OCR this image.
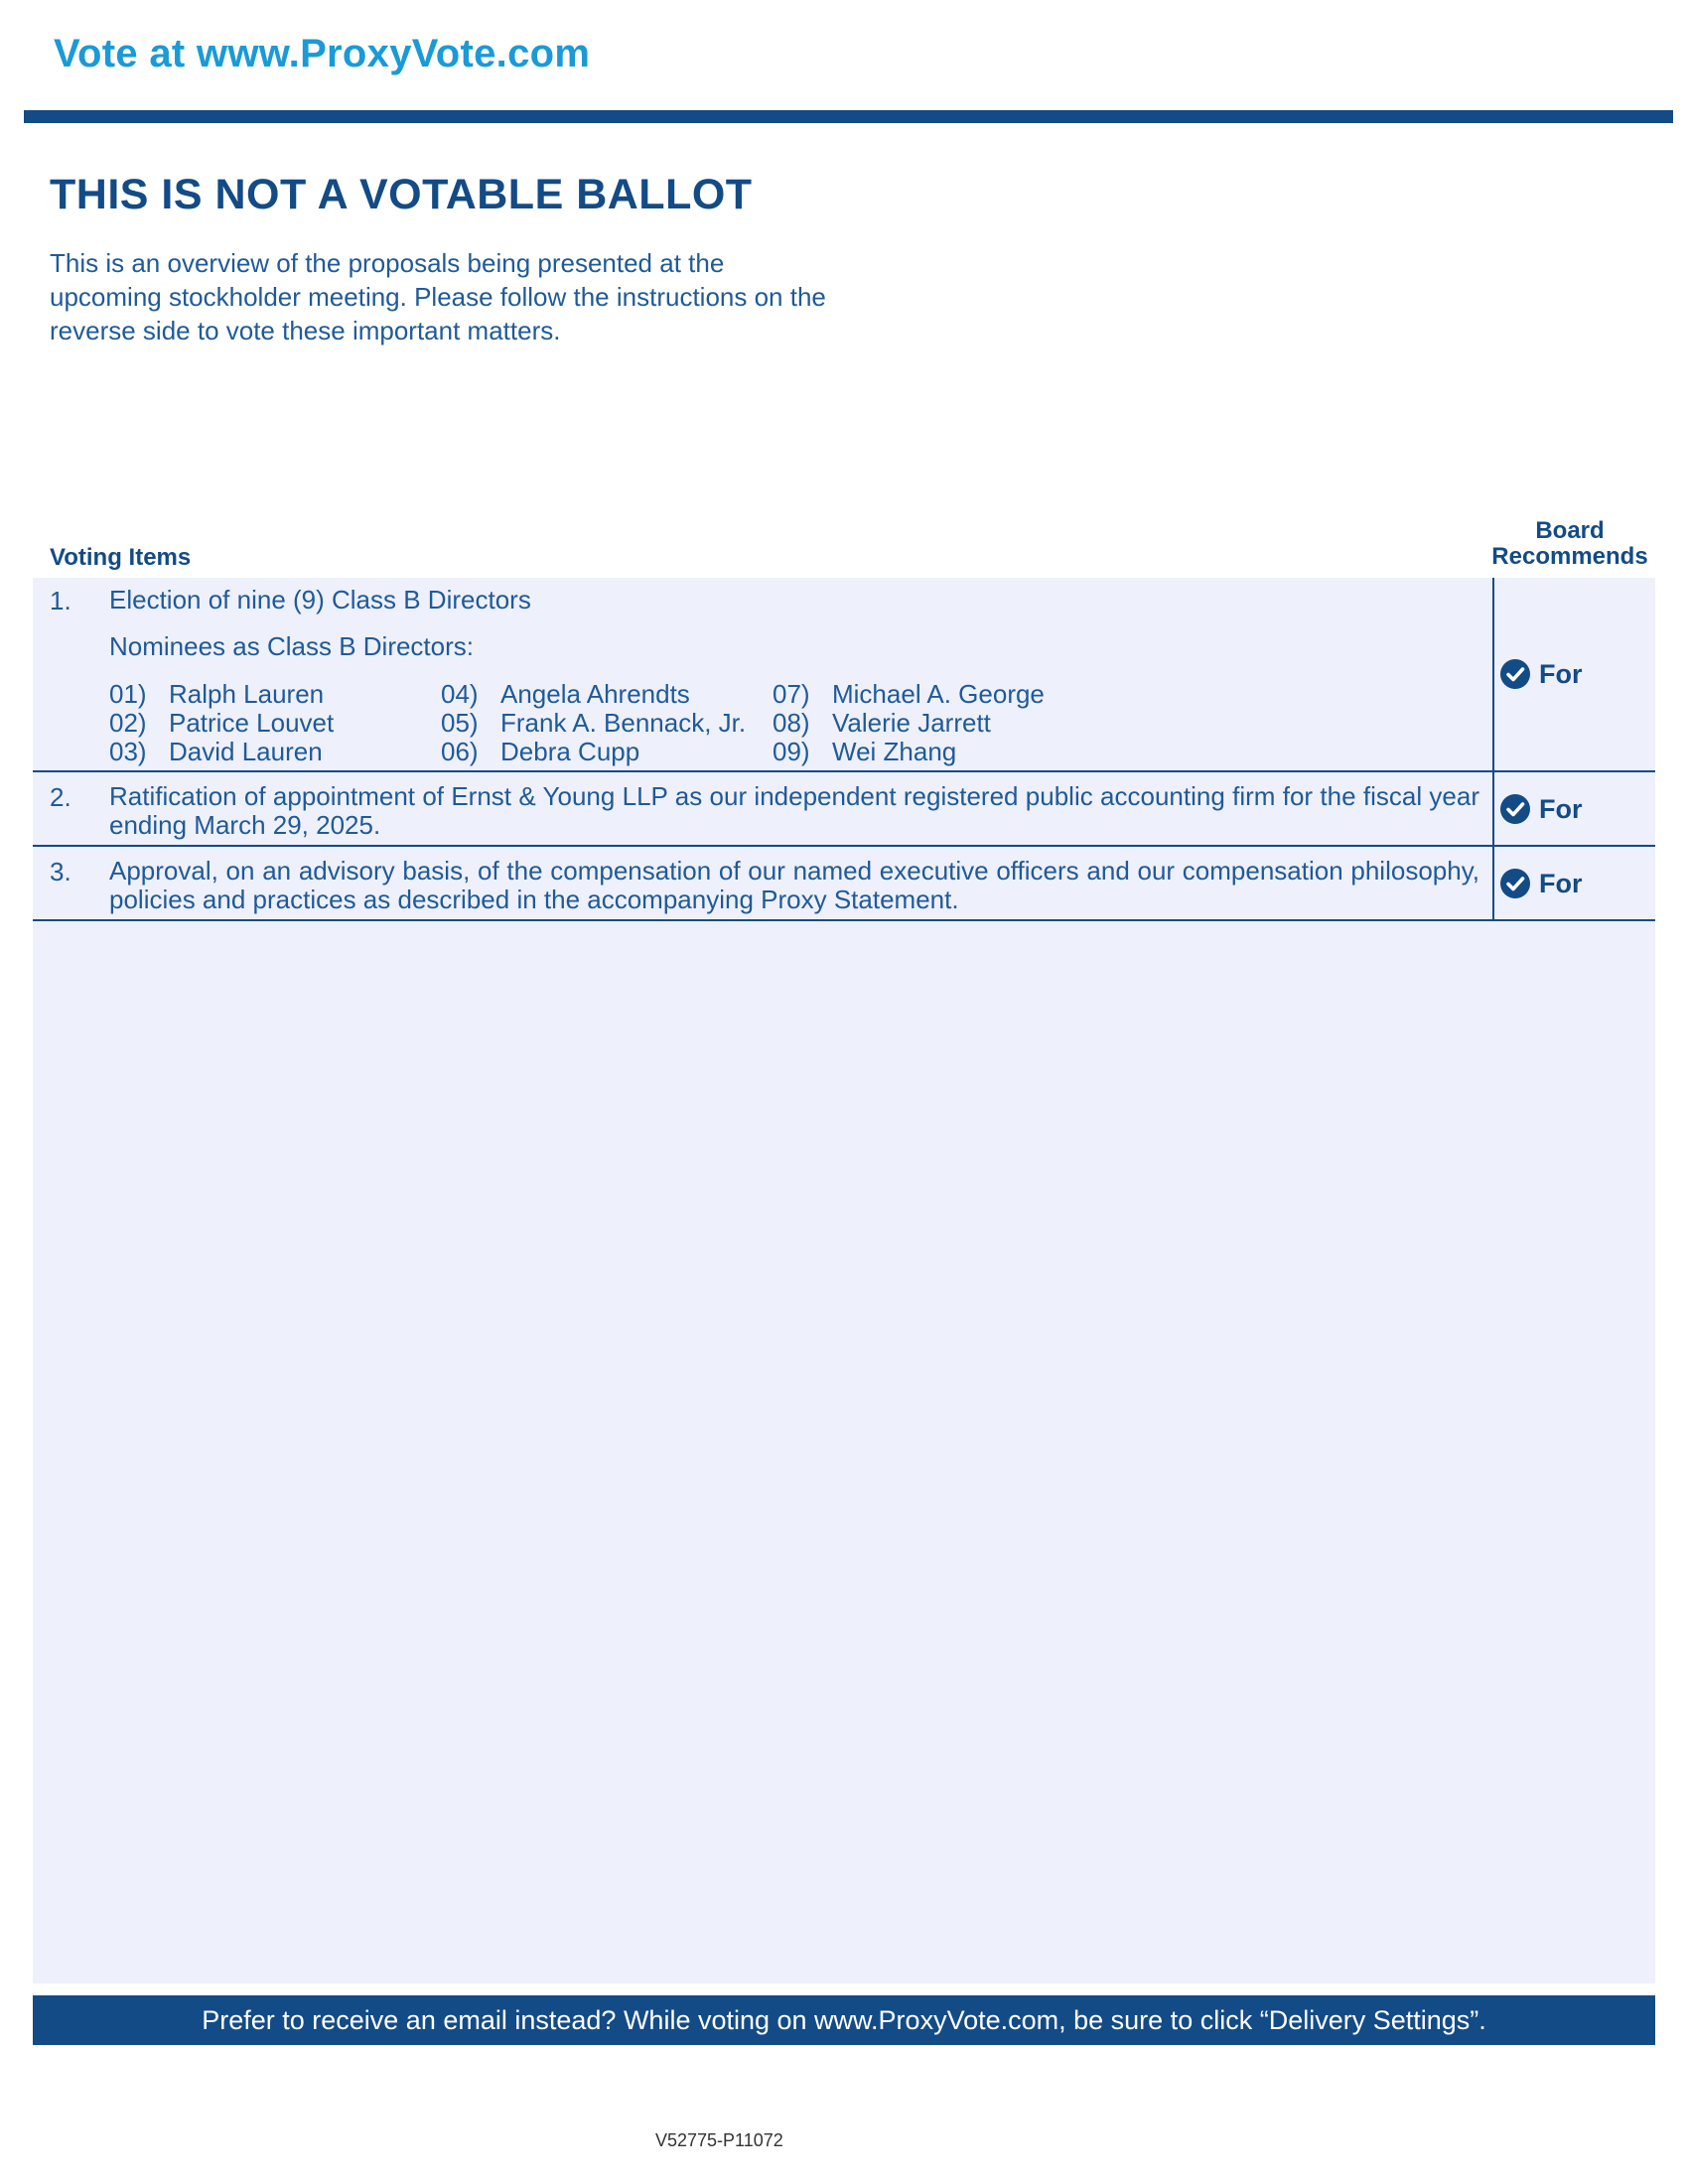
Vote at www.ProxyVote.com
THIS IS NOT A VOTABLE BALLOT
This is an overview of the proposals being presented at the upcoming stockholder meeting. Please follow the instructions on the reverse side to vote these important matters.
Voting Items
Board
Recommends
1. Election of nine (9) Class B Directors
Nominees as Class B Directors:
01) Ralph Lauren
02) Patrice Louvet
03) David Lauren
04) Angela Ahrendts
05) Frank A. Bennack, Jr.
06) Debra Cupp
07) Michael A. George
08) Valerie Jarrett
09) Wei Zhang
For
2. Ratification of appointment of Ernst & Young LLP as our independent registered public accounting firm for the fiscal year ending March 29, 2025.
For
3. Approval, on an advisory basis, of the compensation of our named executive officers and our compensation philosophy, policies and practices as described in the accompanying Proxy Statement.
For
Prefer to receive an email instead? While voting on www.ProxyVote.com, be sure to click “Delivery Settings”.
V52775-P11072
